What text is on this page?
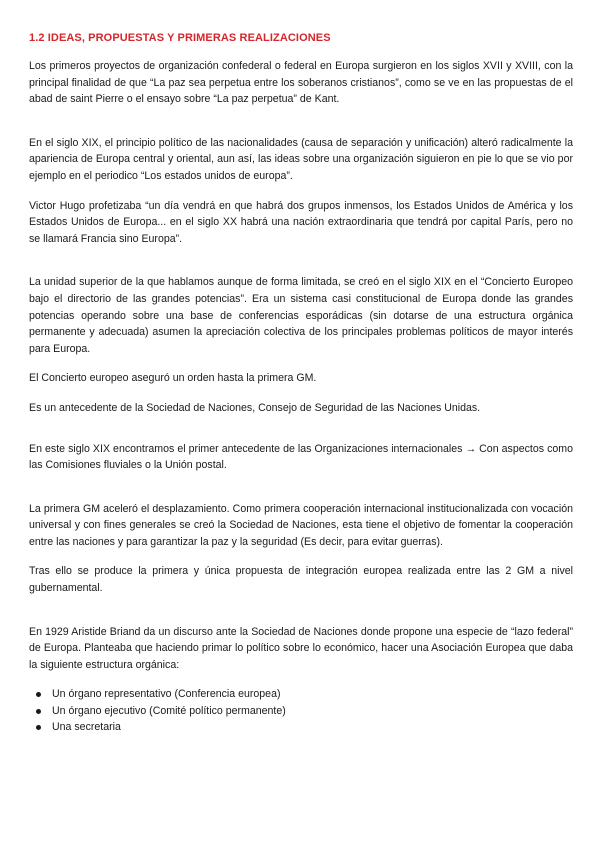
1.2 IDEAS, PROPUESTAS Y PRIMERAS REALIZACIONES

Los primeros proyectos de organización confederal o federal en Europa surgieron en los siglos XVII y XVIII, con la principal finalidad de que “La paz sea perpetua entre los soberanos cristianos”, como se ve en las propuestas de el abad de saint Pierre o el ensayo sobre “La paz perpetua” de Kant.

En el siglo XIX, el principio político de las nacionalidades (causa de separación y unificación) alteró radicalmente la apariencia de Europa central y oriental, aun así, las ideas sobre una organización siguieron en pie lo que se vio por ejemplo en el periodico “Los estados unidos de europa”.

Victor Hugo profetizaba “un día vendrá en que habrá dos grupos inmensos, los Estados Unidos de América y los Estados Unidos de Europa... en el siglo XX habrá una nación extraordinaria que tendrá por capital París, pero no se llamará Francia sino Europa”.

La unidad superior de la que hablamos aunque de forma limitada, se creó en el siglo XIX en el “Concierto Europeo bajo el directorio de las grandes potencias”. Era un sistema casi constitucional de Europa donde las grandes potencias operando sobre una base de conferencias esporádicas (sin dotarse de una estructura orgánica permanente y adecuada) asumen la apreciación colectiva de los principales problemas políticos de mayor interés para Europa.

El Concierto europeo aseguró un orden hasta la primera GM.

Es un antecedente de la Sociedad de Naciones, Consejo de Seguridad de las Naciones Unidas.

En este siglo XIX encontramos el primer antecedente de las Organizaciones internacionales → Con aspectos como las Comisiones fluviales o la Unión postal.

La primera GM aceleró el desplazamiento. Como primera cooperación internacional institucionalizada con vocación universal y con fines generales se creó la Sociedad de Naciones, esta tiene el objetivo de fomentar la cooperación entre las naciones y para garantizar la paz y la seguridad (Es decir, para evitar guerras).

Tras ello se produce la primera y única propuesta de integración europea realizada entre las 2 GM a nivel gubernamental.

En 1929 Aristide Briand da un discurso ante la Sociedad de Naciones donde propone una especie de “lazo federal” de Europa. Planteaba que haciendo primar lo político sobre lo económico, hacer una Asociación Europea que daba la siguiente estructura orgánica:

Un órgano representativo (Conferencia europea)
Un órgano ejecutivo (Comité político permanente)
Una secretaria
